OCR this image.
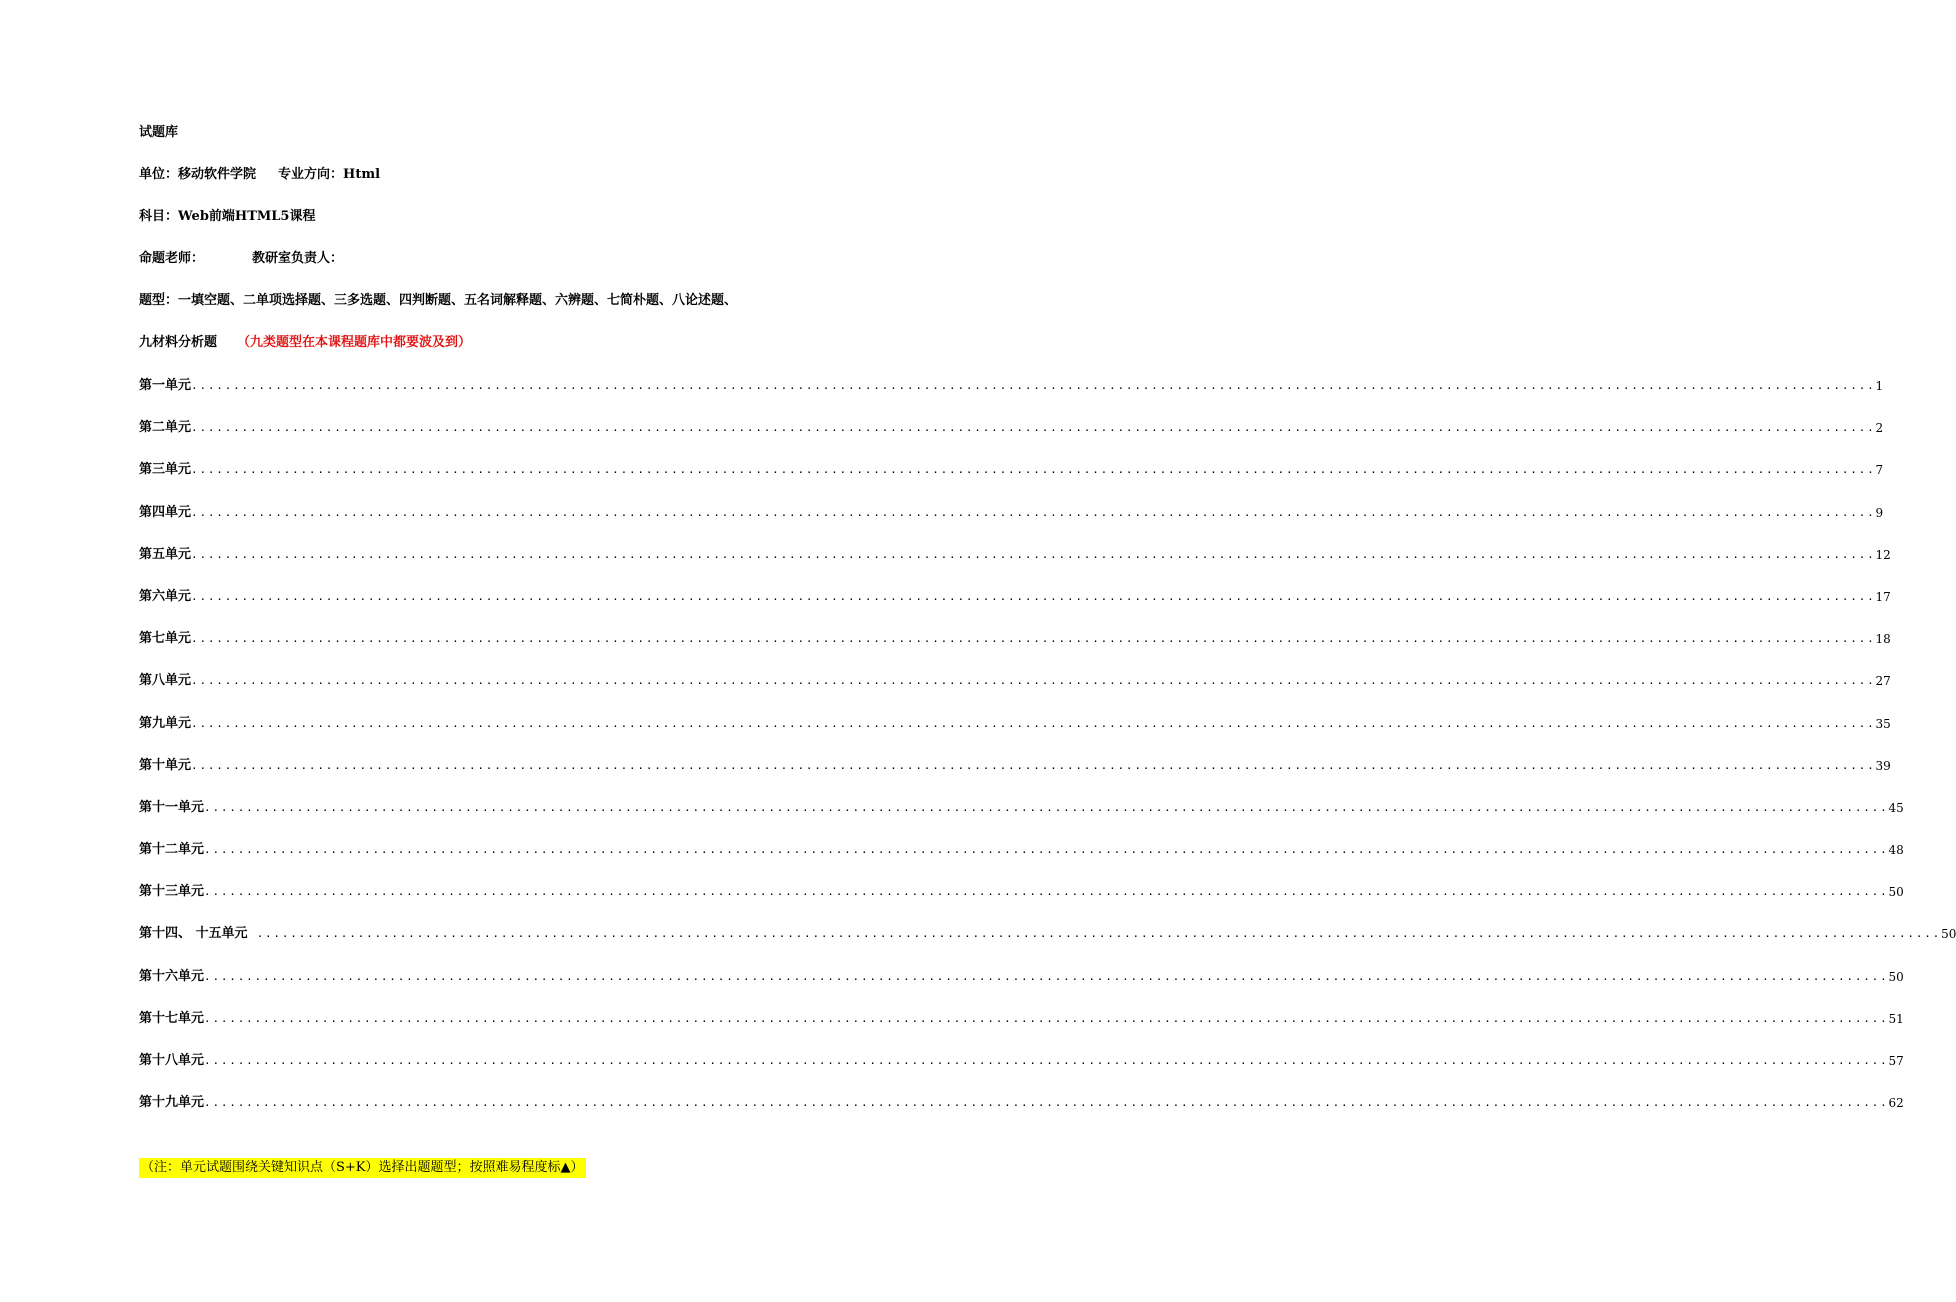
试题库
单位：移动软件学院 专业方向：Html
科目：Web前端HTML5课程
命题老师：	教研室负责人：
题型：一填空题、二单项选择题、三多选题、四判断题、五名词解释题、六辨题、七简朴题、八论述题、
九材料分析题 （九类题型在本课程题库中都要波及到）
第一单元 ........................................................................................................................................................................................................ 1
第二单元 ........................................................................................................................................................................................................ 2
第三单元 ........................................................................................................................................................................................................ 7
第四单元 ........................................................................................................................................................................................................ 9
第五单元 ........................................................................................................................................................................................................ 12
第六单元 ........................................................................................................................................................................................................ 17
第七单元 ........................................................................................................................................................................................................ 18
第八单元 ........................................................................................................................................................................................................ 27
第九单元 ........................................................................................................................................................................................................ 35
第十单元 ........................................................................................................................................................................................................ 39
第十一单元 ........................................................................................................................................................................................................ 45
第十二单元 ........................................................................................................................................................................................................ 48
第十三单元 ........................................................................................................................................................................................................ 50
第十四、 十五单元 ........................................................................................................................................................................................................ 50
第十六单元 ........................................................................................................................................................................................................ 50
第十七单元 ........................................................................................................................................................................................................ 51
第十八单元 ........................................................................................................................................................................................................ 57
第十九单元 ........................................................................................................................................................................................................ 62
（注：单元试题围绕关键知识点（S+K）选择出题题型；按照难易程度标▲）
